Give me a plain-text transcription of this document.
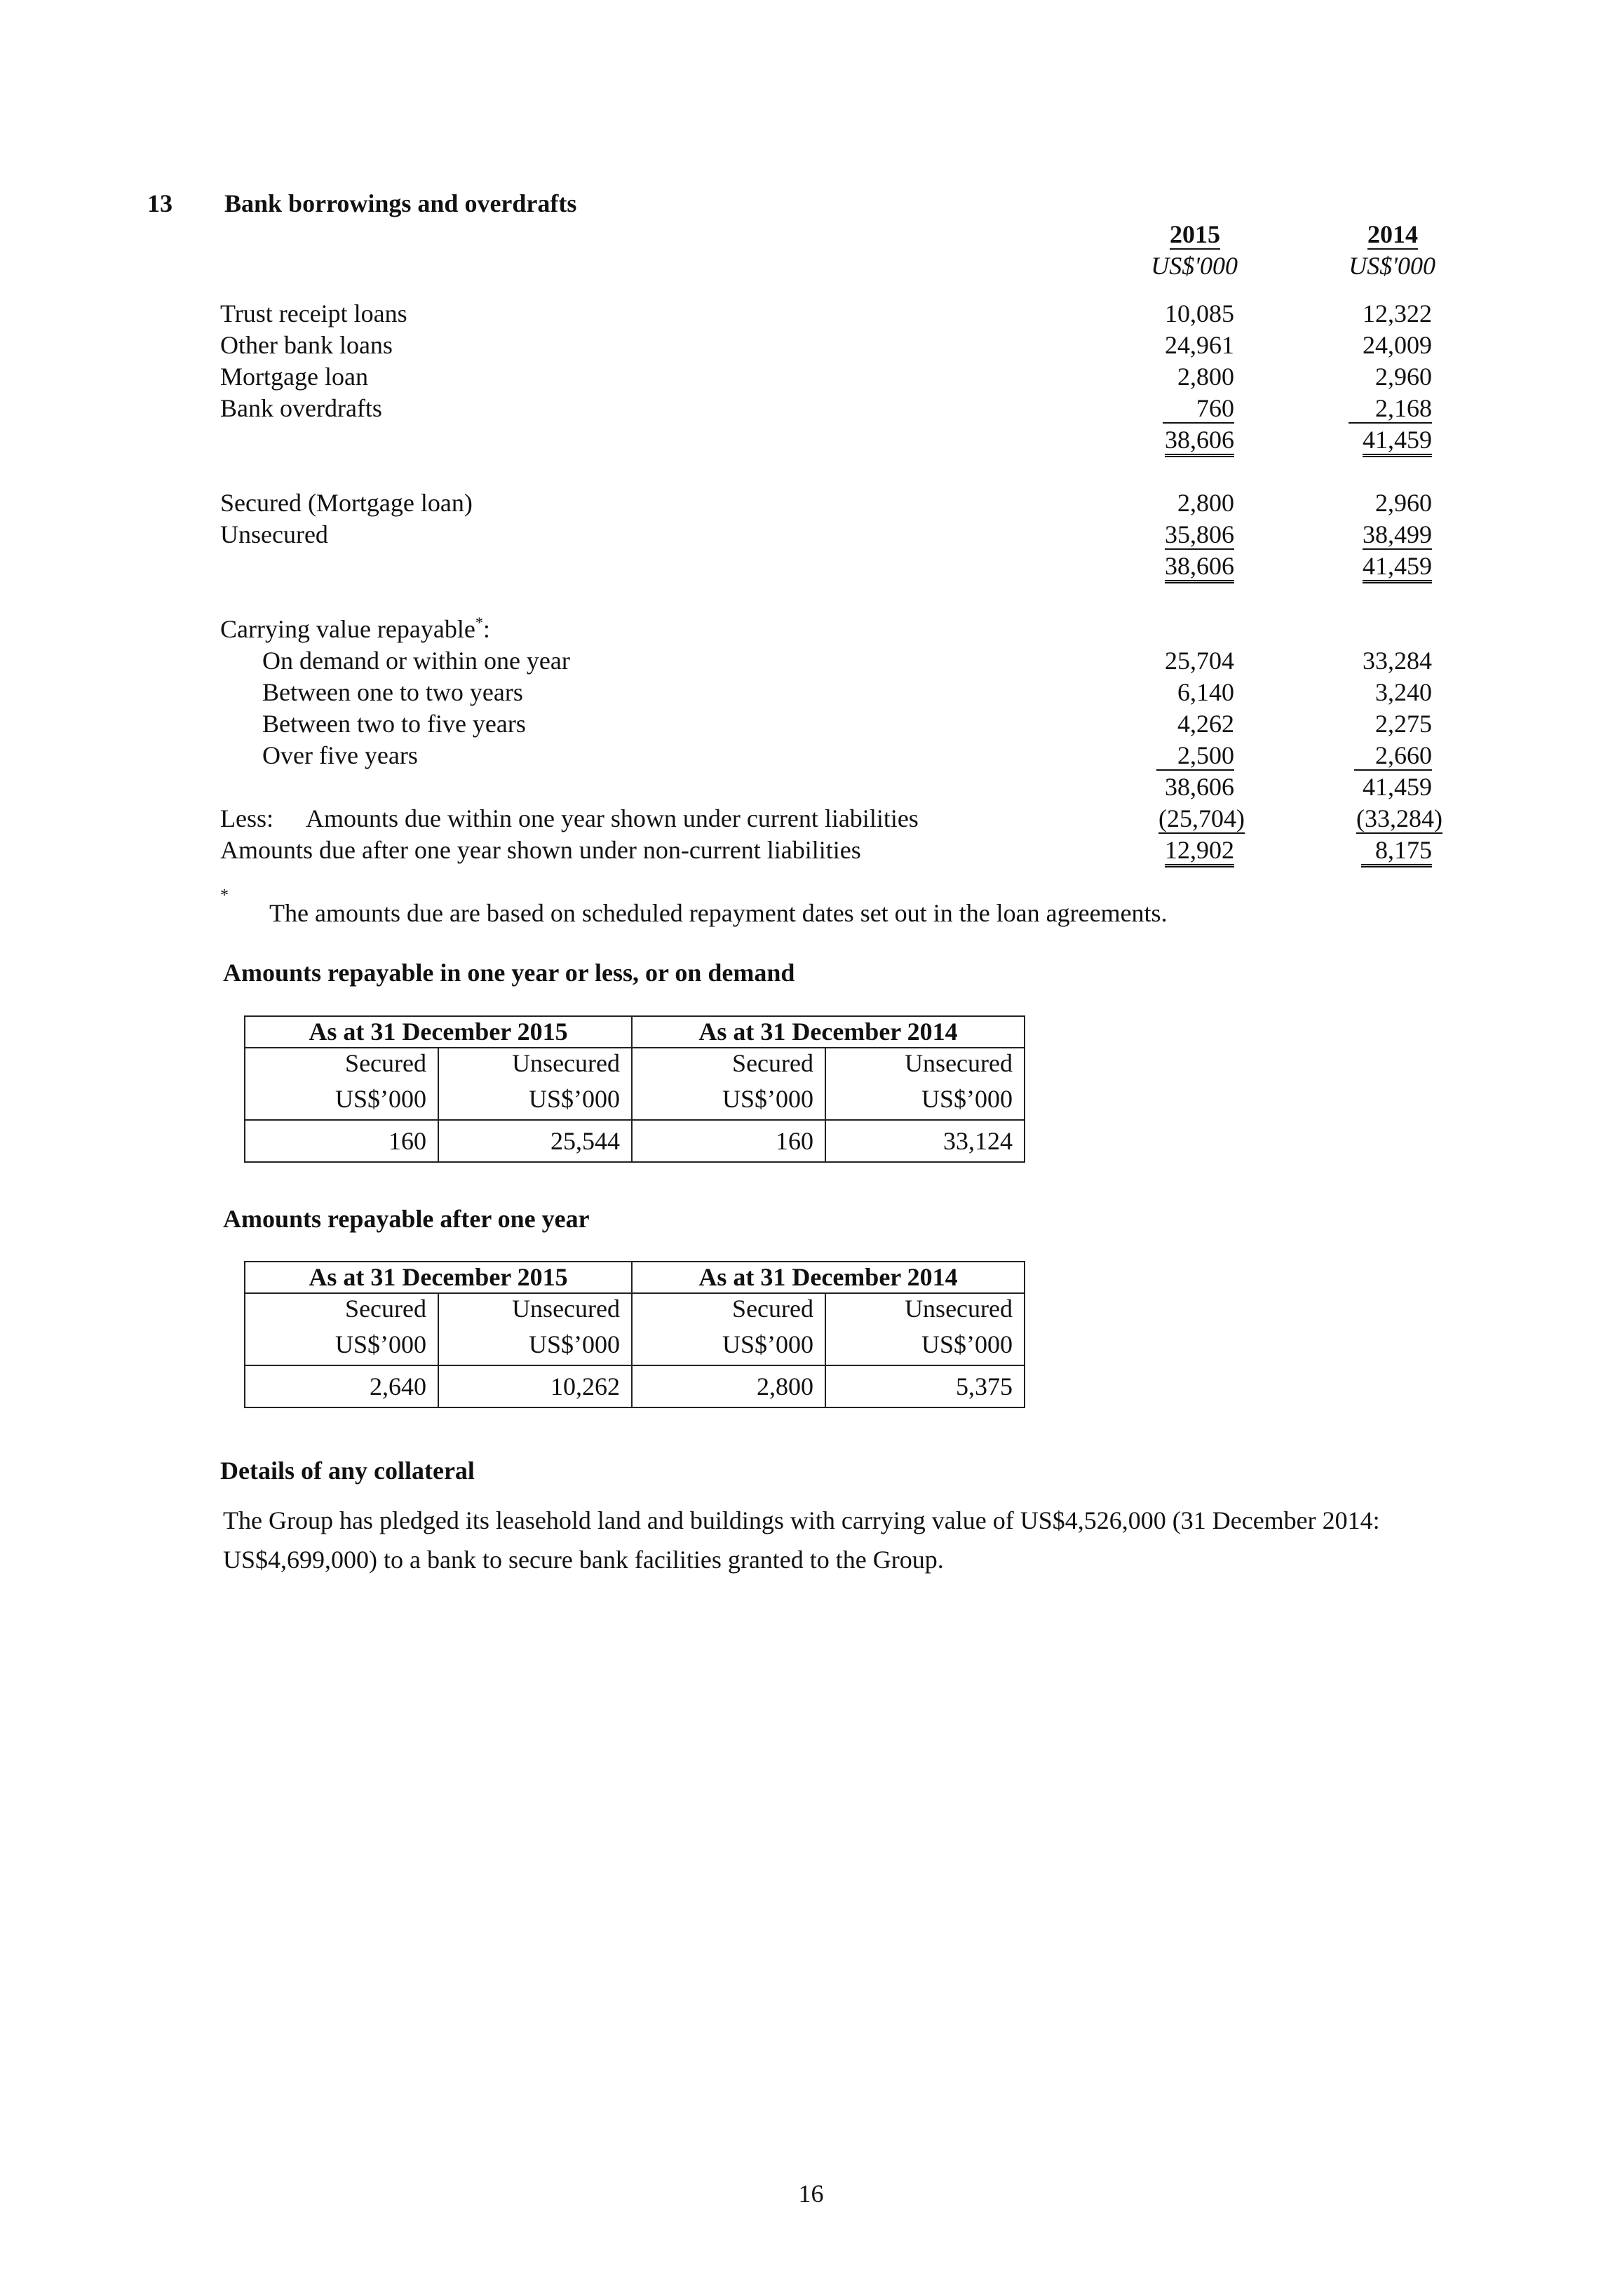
13 Bank borrowings and overdrafts
2015	2014
US$'000	US$'000
Trust receipt loans	10,085	12,322
Other bank loans	24,961	24,009
Mortgage loan	2,800	2,960
Bank overdrafts	760	2,168
38,606	41,459
Secured (Mortgage loan)	2,800	2,960
Unsecured	35,806	38,499
38,606	41,459
Carrying value repayable*:
On demand or within one year	25,704	33,284
Between one to two years	6,140	3,240
Between two to five years	4,262	2,275
Over five years	2,500	2,660
38,606	41,459
Less: Amounts due within one year shown under current liabilities	(25,704)	(33,284)
Amounts due after one year shown under non-current liabilities	12,902	8,175
*
The amounts due are based on scheduled repayment dates set out in the loan agreements.
Amounts repayable in one year or less, or on demand
As at 31 December 2015		As at 31 December 2014	
Secured	Unsecured	Secured	Unsecured
US$’000	US$’000	US$’000	US$’000
160	25,544	160	33,124
Amounts repayable after one year
As at 31 December 2015		As at 31 December 2014	
Secured	Unsecured	Secured	Unsecured
US$’000	US$’000	US$’000	US$’000
2,640	10,262	2,800	5,375
Details of any collateral
The Group has pledged its leasehold land and buildings with carrying value of US$4,526,000 (31 December 2014:
US$4,699,000) to a bank to secure bank facilities granted to the Group.
16
